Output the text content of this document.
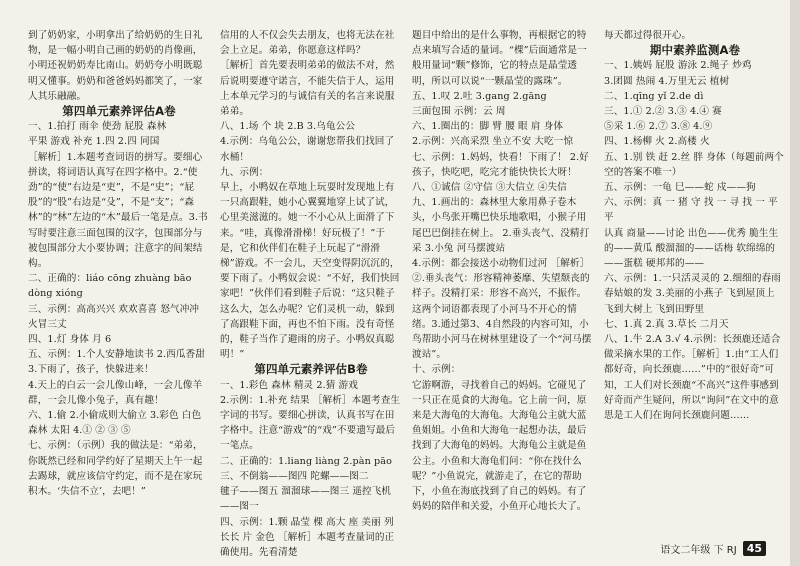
到了奶奶家，小明拿出了给奶奶的生日礼物，是一幅小明自己画的奶奶的肖像画，小明还祝奶奶寿比南山。奶奶夸小明既聪明又懂事。奶奶和爸爸妈妈都笑了，一家人其乐融融。

第四单元素养评估A卷

一、1.拍打 雨伞 使劲 屁股 森林

平果 游戏 补充 1.四 2.四 同国

［解析］1.本题考查词语的拼写。要细心拼读，将词语认真写在四字格中。2.“使劲”的“使”右边是“吏”，不是“史”；“屁股”的“股”右边是“殳”，不是“支”；“森林”的“林”左边的“木”最后一笔是点。3.书写时要注意三面包围的汉字，包围部分与被包围部分大小要协调；注意字的间架结构。

二、正确的：liáo cōng zhuàng bāo dòng xióng

三、示例：高高兴兴 欢欢喜喜 怒气冲冲 火冒三丈

四、1.灯 身体 月 6

五、示例：1.个人安静地读书 2.西瓜香甜 3.下雨了，孩子，快躲进来！

4.天上的白云一会儿像山峰，一会儿像羊群，一会儿像小兔子，真有趣！

六、1.偷 2.小偷成则大偷立 3.彩色 白色 森林 太阳 4.① ② ③ ⑤

七、示例：（示例）我的做法是：“弟弟，你既然已经和同学约好了星期天上午一起去踢球，就应该信守约定，而不是在家玩积木。‘失信不立’，去吧！”

信用的人不仅会失去朋友，也将无法在社会上立足。弟弟，你愿意这样吗？

［解析］首先要表明弟弟的做法不对，然后说明要遵守诺言，不能失信于人，运用上本单元学习的与诚信有关的名言来说服弟弟。

八、1.场 个 块 2.B 3.乌龟公公

4.示例：乌龟公公，谢谢您帮我们找回了水桶！

九、示例：

早上，小鸭奴在草地上玩耍时发现地上有一只高跟鞋，她小心翼翼地穿上试了试，心里美滋滋的。她一不小心从上面滑了下来。“哇，真像滑滑梯！好玩极了！”于是，它和伙伴们在鞋子上玩起了“滑滑梯”游戏。不一会儿，天空变得阴沉沉的，要下雨了。小鸭奴会说：“不好，我们快回家吧！”伙伴们看到鞋子后说：“这只鞋子这么大，怎么办呢？它们灵机一动，躲到了高跟鞋下面，再也不怕下雨。没有奇怪的，鞋子当作了避雨的房子。小鸭奴真聪明！”

第四单元素养评估B卷

一、1.彩色 森林 精灵 2.猜 游戏

2.示例：1.补充 结果 ［解析］本题考查生字词的书写。要细心拼读，认真书写在田字格中。注意“游戏”的“戏”不要遗写最后一笔点。

二、正确的：1.liang liàng 2.pàn pāo

三、不倒翁——图四 陀螺——图二

毽子——图五 溜溜球——图三 遥控飞机——图一

四、示例：1.颗 晶莹 棵 高大 座 美丽 列 长长 片 金色 ［解析］本题考查量词的正确使用。先看清楚

题目中给出的是什么事物，再根据它的特点来填写合适的量词。“棵”后面通常是一般用量词“颗”修饰，它的特点是晶莹透明，所以可以说“一颗晶莹的露珠”。

五、1.叹 2.吐 3.gang 2.gāng

三面包围 示例：云 周

六、1.圈出的：脚 臂 腰 眼 肩 身体

2.示例：兴高采烈 坐立不安 大吃一惊

七、示例：1.妈妈，快看！下雨了！ 2.好孩子，快吃吧，吃完才能快快长大呀！

八、①诚信 ②守信 ③大信立 ④失信

九、1.画出的：森林里大象用鼻子卷木头，小鸟张开嘴巴快乐地歌唱，小猴子用尾巴巴倒挂在树上。 2.垂头丧气、没精打采 3.小兔 河马摆渡站

4.示例：都会接送小动物们过河 ［解析］②.垂头丧气：形容精神萎靡、失望颓丧的样子。没精打采：形容不高兴，不振作。这两个词语都表现了小河马不开心的情绪。3.通过第3、4自然段的内容可知，小鸟帮助小河马在树林里建设了一个“河马摆渡站”。

十、示例：

它游啊游，寻找着自己的妈妈。它碰见了一只正在觅食的大海龟。它上前一问，原来是大海龟的大海龟。大海龟公主就大蓝鱼姐姐。小鱼和大海龟一起想办法，最后找到了大海龟的妈妈。大海龟公主就是鱼公主。小鱼和大海龟们问：“你在找什么呢？”小鱼说完，就游走了，在它的帮助下，小鱼在海底找到了自己的妈妈。有了妈妈的陪伴和关爱，小鱼开心地长大了。

每天都过得很开心。

期中素养监测A卷

一、1.姨妈 屁股 游泳 2.绳子 炒鸡

3.团圆 热闹 4.万里无云 植树

二、1.qīng yǐ 2.de dì

三、1.① 2.② 3.③ 4.④ 赛

⑤采 1.⑥ 2.⑦ 3.⑧ 4.⑨

四、1.杨柳 火 2.高楼 火

五、1.别 铁 赶 2.丝 胖 身体（每题前两个空的答案不唯一）

五、示例：一龟 巳——蛇 戍——狗

六、示例：真 一 猪 守 找 一 寻 找 一 平 平

认真 商量——讨论 出色——优秀 脆生生的——黄瓜 酸溜溜的——话梅 软绵绵的——蛋糕 硬邦邦的——

六、示例：1.一只活灵灵的 2.细细的春雨 春姑娘的发 3.美丽的小燕子 飞到屋顶上 飞到大树上 飞到田野里

七、1.真 2.真 3.草长 二月天

八、1.牛 2.A 3.√ 4.示例：长颈鹿还适合做采摘水果的工作。［解析］1.由“工人们都好奇，向长颈鹿……”中的“很好奇”可知，工人们对长颈鹿“不高兴”这件事感到好奇而产生疑问，所以“询问”在文中的意思是工人们在询问长颈鹿问题……

语文二年级 下 RJ 45
